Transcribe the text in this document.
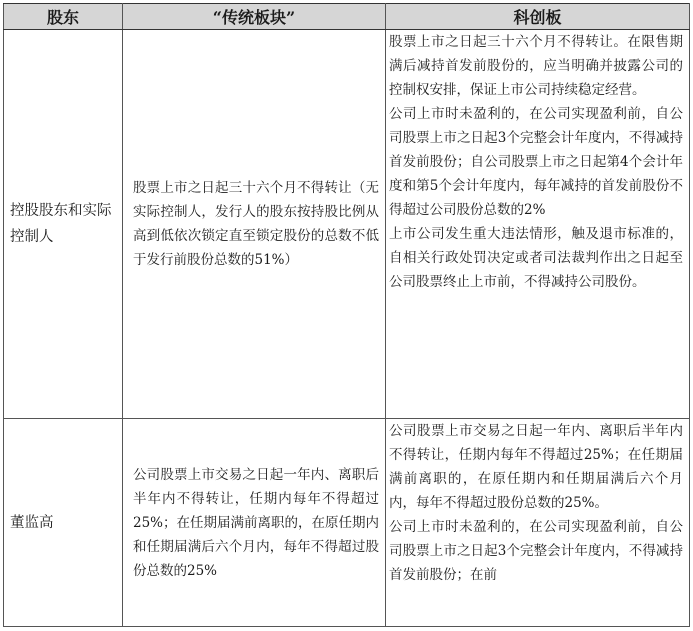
股东	“传统板块”	科创板
控股股东和实际控制人	股票上市之日起三十六个月不得转让（无实际控制人，发行人的股东按持股比例从高到低依次锁定直至锁定股份的总数不低于发行前股份总数的51%）	股票上市之日起三十六个月不得转让。在限售期满后减持首发前股份的，应当明确并披露公司的控制权安排，保证上市公司持续稳定经营。

公司上市时未盈利的，在公司实现盈利前，自公司股票上市之日起3个完整会计年度内，不得减持首发前股份；自公司股票上市之日起第4个会计年度和第5个会计年度内，每年减持的首发前股份不得超过公司股份总数的2%

上市公司发生重大违法情形，触及退市标准的，自相关行政处罚决定或者司法裁判作出之日起至公司股票终止上市前，不得减持公司股份。

董监高	公司股票上市交易之日起一年内、离职后半年内不得转让，任期内每年不得超过25%；在任期届满前离职的，在原任期内和任期届满后六个月内，每年不得超过股份总数的25%	公司股票上市交易之日起一年内、离职后半年内不得转让，任期内每年不得超过25%；在任期届满前离职的，在原任期内和任期届满后六个月内，每年不得超过股份总数的25%。

公司上市时未盈利的，在公司实现盈利前，自公司股票上市之日起3个完整会计年度内，不得减持首发前股份；在前
